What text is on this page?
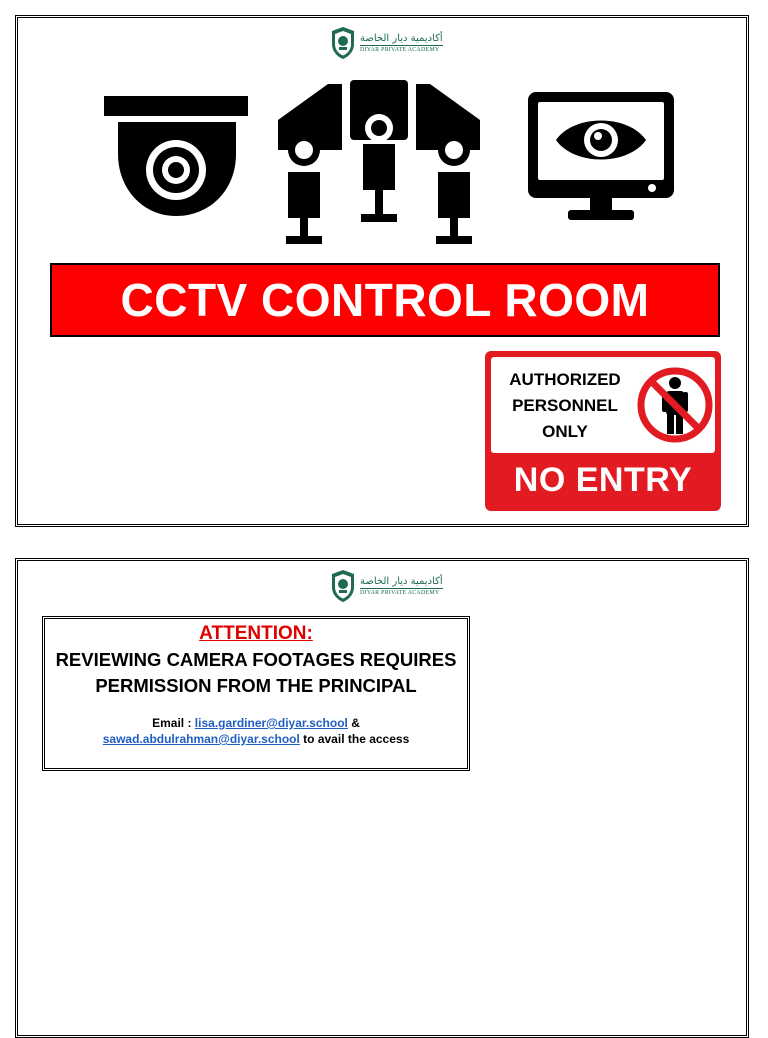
أكاديمية ديار الخاصة
DIYAR PRIVATE ACADEMY
CCTV CONTROL ROOM
AUTHORIZED
PERSONNEL
ONLY
NO ENTRY
أكاديمية ديار الخاصة
DIYAR PRIVATE ACADEMY
ATTENTION:
REVIEWING CAMERA FOOTAGES REQUIRES
PERMISSION FROM THE PRINCIPAL
Email : lisa.gardiner@diyar.school &
sawad.abdulrahman@diyar.school to avail the access
